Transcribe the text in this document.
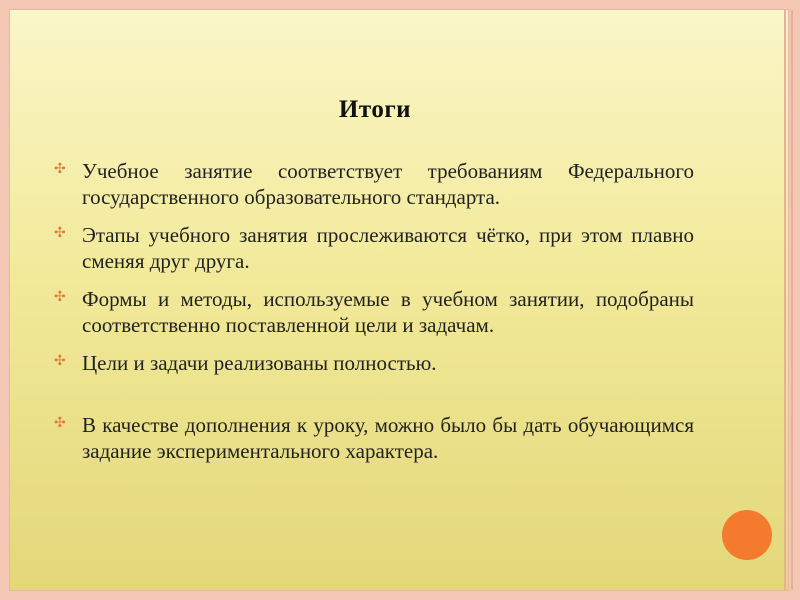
Итоги
✣ Учебное занятие соответствует требованиям Федерального государственного образовательного стандарта.
✣ Этапы учебного занятия прослеживаются чётко, при этом плавно сменяя друг друга.
✣ Формы и методы, используемые в учебном занятии, подобраны соответственно поставленной цели и задачам.
✣ Цели и задачи реализованы полностью.
✣ В качестве дополнения к уроку, можно было бы дать обучающимся задание экспериментального характера.
